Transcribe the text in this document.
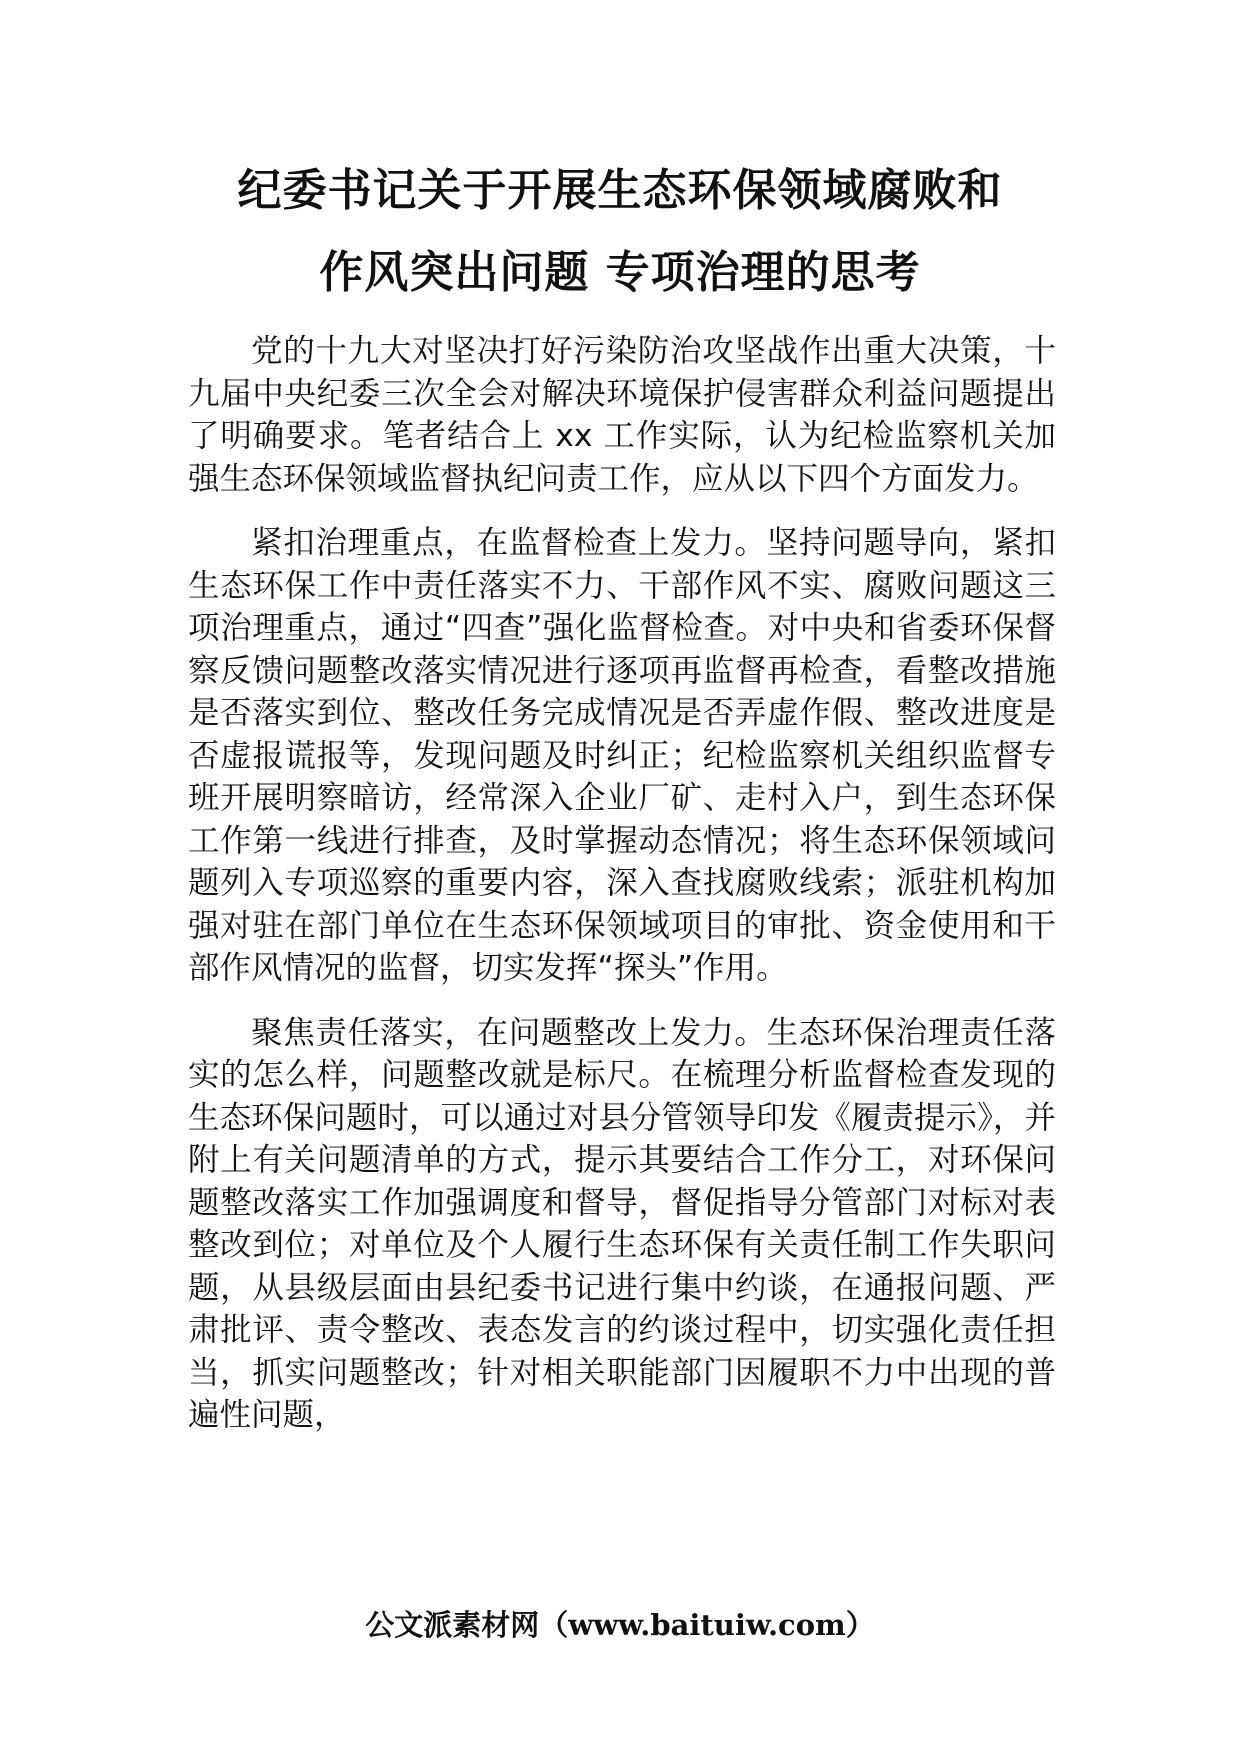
纪委书记关于开展生态环保领域腐败和
作风突出问题 专项治理的思考

党的十九大对坚决打好污染防治攻坚战作出重大决策，十九届中央纪委三次全会对解决环境保护侵害群众利益问题提出了明确要求。笔者结合上 xx 工作实际，认为纪检监察机关加强生态环保领域监督执纪问责工作，应从以下四个方面发力。

紧扣治理重点，在监督检查上发力。坚持问题导向，紧扣生态环保工作中责任落实不力、干部作风不实、腐败问题这三项治理重点，通过“四查”强化监督检查。对中央和省委环保督察反馈问题整改落实情况进行逐项再监督再检查，看整改措施是否落实到位、整改任务完成情况是否弄虚作假、整改进度是否虚报谎报等，发现问题及时纠正；纪检监察机关组织监督专班开展明察暗访，经常深入企业厂矿、走村入户，到生态环保工作第一线进行排查，及时掌握动态情况；将生态环保领域问题列入专项巡察的重要内容，深入查找腐败线索；派驻机构加强对驻在部门单位在生态环保领域项目的审批、资金使用和干部作风情况的监督，切实发挥“探头”作用。

聚焦责任落实，在问题整改上发力。生态环保治理责任落实的怎么样，问题整改就是标尺。在梳理分析监督检查发现的生态环保问题时，可以通过对县分管领导印发《履责提示》，并附上有关问题清单的方式，提示其要结合工作分工，对环保问题整改落实工作加强调度和督导，督促指导分管部门对标对表整改到位；对单位及个人履行生态环保有关责任制工作失职问题，从县级层面由县纪委书记进行集中约谈，在通报问题、严肃批评、责令整改、表态发言的约谈过程中，切实强化责任担当，抓实问题整改；针对相关职能部门因履职不力中出现的普遍性问题，

公文派素材网（www.baituiw.com）
